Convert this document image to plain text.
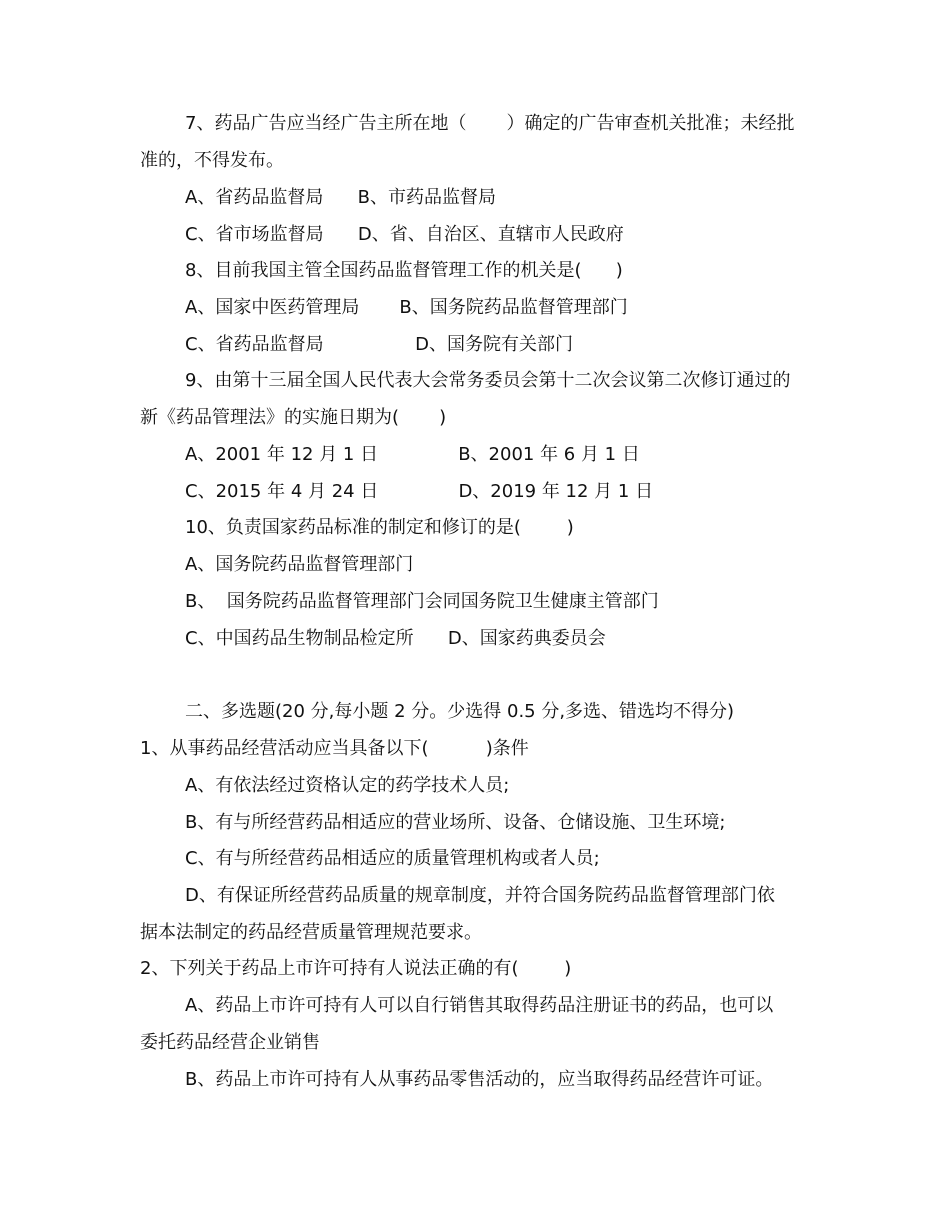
7、药品广告应当经广告主所在地（       ）确定的广告审查机关批准；未经批
准的，不得发布。
A、省药品监督局      B、市药品监督局
C、省市场监督局      D、省、自治区、直辖市人民政府
8、目前我国主管全国药品监督管理工作的机关是(      )
A、国家中医药管理局       B、国务院药品监督管理部门
C、省药品监督局                D、国务院有关部门
9、由第十三届全国人民代表大会常务委员会第十二次会议第二次修订通过的
新《药品管理法》的实施日期为(       )
A、2001 年 12 月 1 日              B、2001 年 6 月 1 日
C、2015 年 4 月 24 日              D、2019 年 12 月 1 日
10、负责国家药品标准的制定和修订的是(        )
A、国务院药品监督管理部门
B、  国务院药品监督管理部门会同国务院卫生健康主管部门
C、中国药品生物制品检定所      D、国家药典委员会
二、多选题(20 分,每小题 2 分。少选得 0.5 分,多选、错选均不得分)
1、从事药品经营活动应当具备以下(          )条件
A、有依法经过资格认定的药学技术人员;
B、有与所经营药品相适应的营业场所、设备、仓储设施、卫生环境;
C、有与所经营药品相适应的质量管理机构或者人员;
D、有保证所经营药品质量的规章制度，并符合国务院药品监督管理部门依
据本法制定的药品经营质量管理规范要求。
2、下列关于药品上市许可持有人说法正确的有(        )
A、药品上市许可持有人可以自行销售其取得药品注册证书的药品，也可以
委托药品经营企业销售
B、药品上市许可持有人从事药品零售活动的，应当取得药品经营许可证。
